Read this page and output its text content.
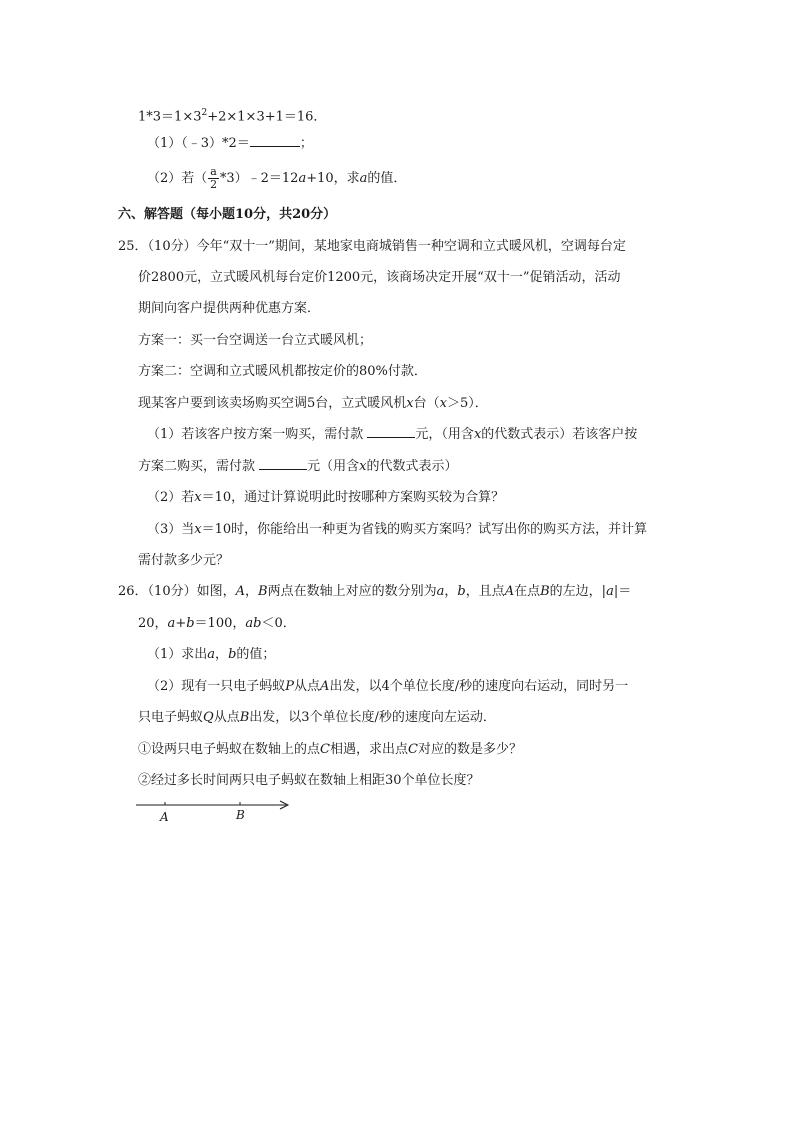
$1*3=1\times 3^2+2\times 1\times 3+1=16$．
（1）（﹣3）*2＝	；
（2）若（ $\frac{a}{2}$ *3）﹣2＝12a+10，求a的值．
六、解答题（每小题10分，共20分）
25．（10分）今年“双十一”期间，某地家电商城销售一种空调和立式暖风机，空调每台定
价2800元，立式暖风机每台定价1200元，该商场决定开展“双十一”促销活动，活动
期间向客户提供两种优惠方案．
方案一：买一台空调送一台立式暖风机；
方案二：空调和立式暖风机都按定价的80%付款．
现某客户要到该卖场购买空调5台，立式暖风机x台（x＞5）．
（1）若该客户按方案一购买，需付款	元，（用含x的代数式表示）若该客户按
方案二购买，需付款	元（用含x的代数式表示）
（2）若x＝10，通过计算说明此时按哪种方案购买较为合算？
（3）当x＝10时，你能给出一种更为省钱的购买方案吗？试写出你的购买方法，并计算
需付款多少元？
26．（10分）如图，A，B两点在数轴上对应的数分别为a，b，且点A在点B的左边，|a|＝
20，a+b＝100，ab＜0．
（1）求出a，b的值；
（2）现有一只电子蚂蚁P从点A出发，以4个单位长度/秒的速度向右运动，同时另一
只电子蚂蚁Q从点B出发，以3个单位长度/秒的速度向左运动．
①设两只电子蚂蚁在数轴上的点C相遇，求出点C对应的数是多少？
②经过多长时间两只电子蚂蚁在数轴上相距30个单位长度？
A	B
